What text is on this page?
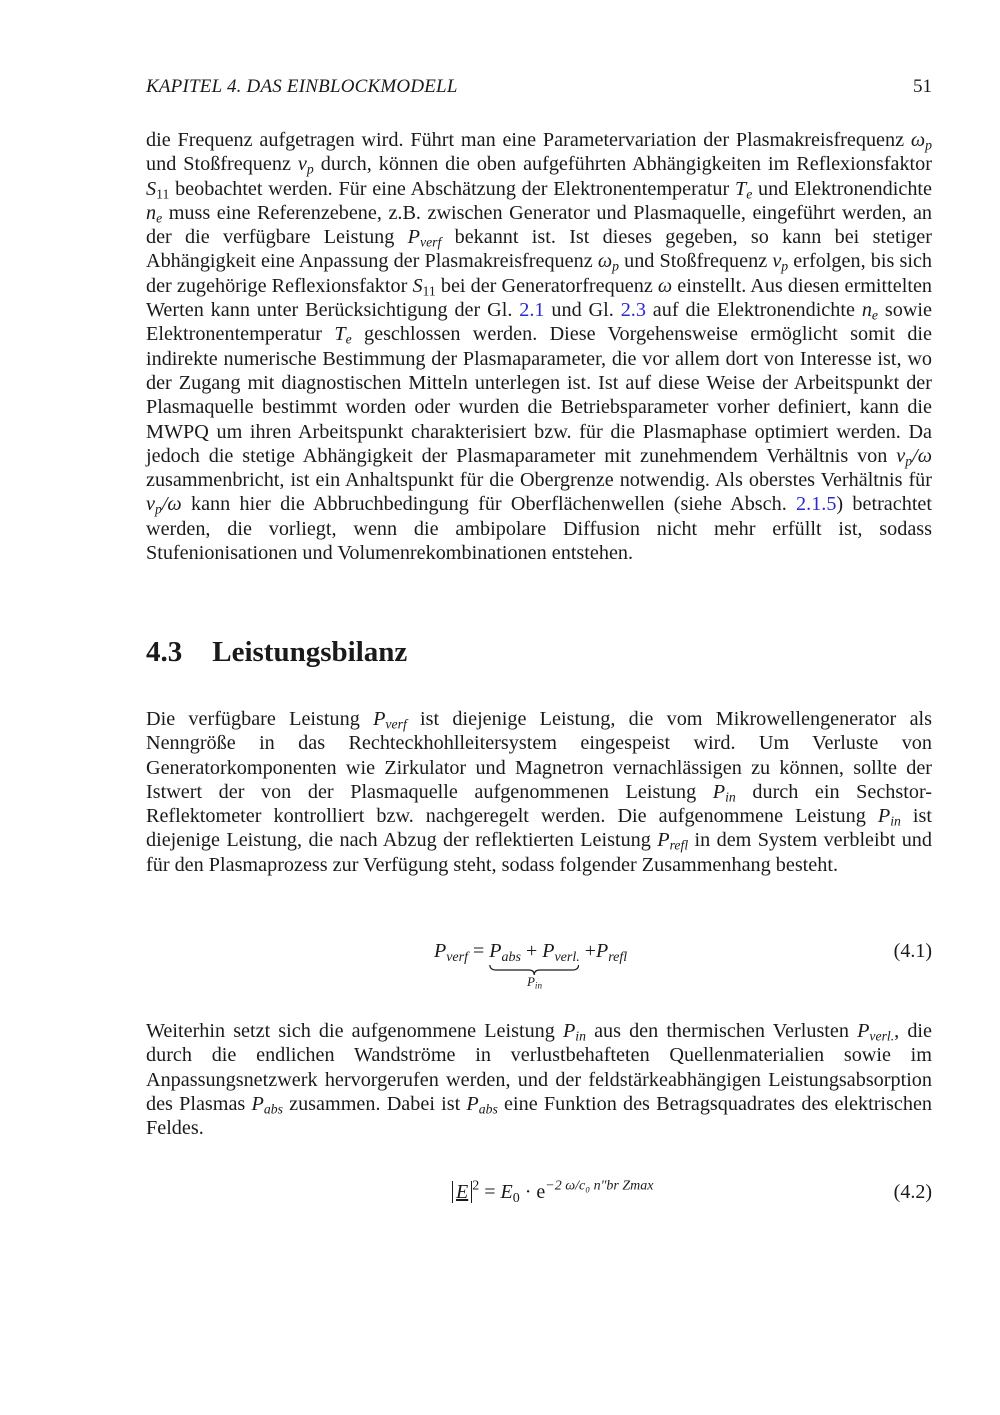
KAPITEL 4. DAS EINBLOCKMODELL	51

die Frequenz aufgetragen wird. Führt man eine Parametervariation der Plasmakreisfrequenz $\omega_p$ und Stoßfrequenz $\nu_p$ durch, können die oben aufgeführten Abhängigkeiten im Reflexionsfaktor $S_{11}$ beobachtet werden. Für eine Abschätzung der Elektronentemperatur $T_e$ und Elektronendichte $n_e$ muss eine Referenzebene, z.B. zwischen Generator und Plasmaquelle, eingeführt werden, an der die verfügbare Leistung $P_{verf}$ bekannt ist. Ist dieses gegeben, so kann bei stetiger Abhängigkeit eine Anpassung der Plasmakreisfrequenz $\omega_p$ und Stoßfrequenz $\nu_p$ erfolgen, bis sich der zugehörige Reflexionsfaktor $S_{11}$ bei der Generatorfrequenz ω einstellt. Aus diesen ermittelten Werten kann unter Berücksichtigung der Gl. 2.1 und Gl. 2.3 auf die Elektronendichte $n_e$ sowie Elektronentemperatur $T_e$ geschlossen werden. Diese Vorgehensweise ermöglicht somit die indirekte numerische Bestimmung der Plasmaparameter, die vor allem dort von Interesse ist, wo der Zugang mit diagnostischen Mitteln unterlegen ist. Ist auf diese Weise der Arbeitspunkt der Plasmaquelle bestimmt worden oder wurden die Betriebsparameter vorher definiert, kann die MWPQ um ihren Arbeitspunkt charakterisiert bzw. für die Plasmaphase optimiert werden. Da jedoch die stetige Abhängigkeit der Plasmaparameter mit zunehmendem Verhältnis von $\nu_p/\omega$ zusammenbricht, ist ein Anhaltspunkt für die Obergrenze notwendig. Als oberstes Verhältnis für $\nu_p/\omega$ kann hier die Abbruchbedingung für Oberflächenwellen (siehe Absch. 2.1.5) betrachtet werden, die vorliegt, wenn die ambipolare Diffusion nicht mehr erfüllt ist, sodass Stufenionisationen und Volumenrekombinationen entstehen.

4.3 Leistungsbilanz

Die verfügbare Leistung $P_{verf}$ ist diejenige Leistung, die vom Mikrowellengenerator als Nenngröße in das Rechteckhohlleitersystem eingespeist wird. Um Verluste von Generatorkomponenten wie Zirkulator und Magnetron vernachlässigen zu können, sollte der Istwert der von der Plasmaquelle aufgenommenen Leistung $P_{in}$ durch ein Sechstor-Reflektometer kontrolliert bzw. nachgeregelt werden. Die aufgenommene Leistung $P_{in}$ ist diejenige Leistung, die nach Abzug der reflektierten Leistung $P_{refl}$ in dem System verbleibt und für den Plasmaprozess zur Verfügung steht, sodass folgender Zusammenhang besteht.

$P_{verf} = P_{abs} + P_{verl.}$
$P_{in}$
$+P_{refl}$	(4.1)

Weiterhin setzt sich die aufgenommene Leistung $P_{in}$ aus den thermischen Verlusten $P_{verl.}$, die durch die endlichen Wandströme in verlustbehafteten Quellenmaterialien sowie im Anpassungsnetzwerk hervorgerufen werden, und der feldstärkeabhängigen Leistungsabsorption des Plasmas $P_{abs}$ zusammen. Dabei ist $P_{abs}$ eine Funktion des Betragsquadrates des elektrischen Feldes.

E $^2 = E_0 \cdot e^{-2 \omega/c_0 n''br Zmax}$	(4.2)
